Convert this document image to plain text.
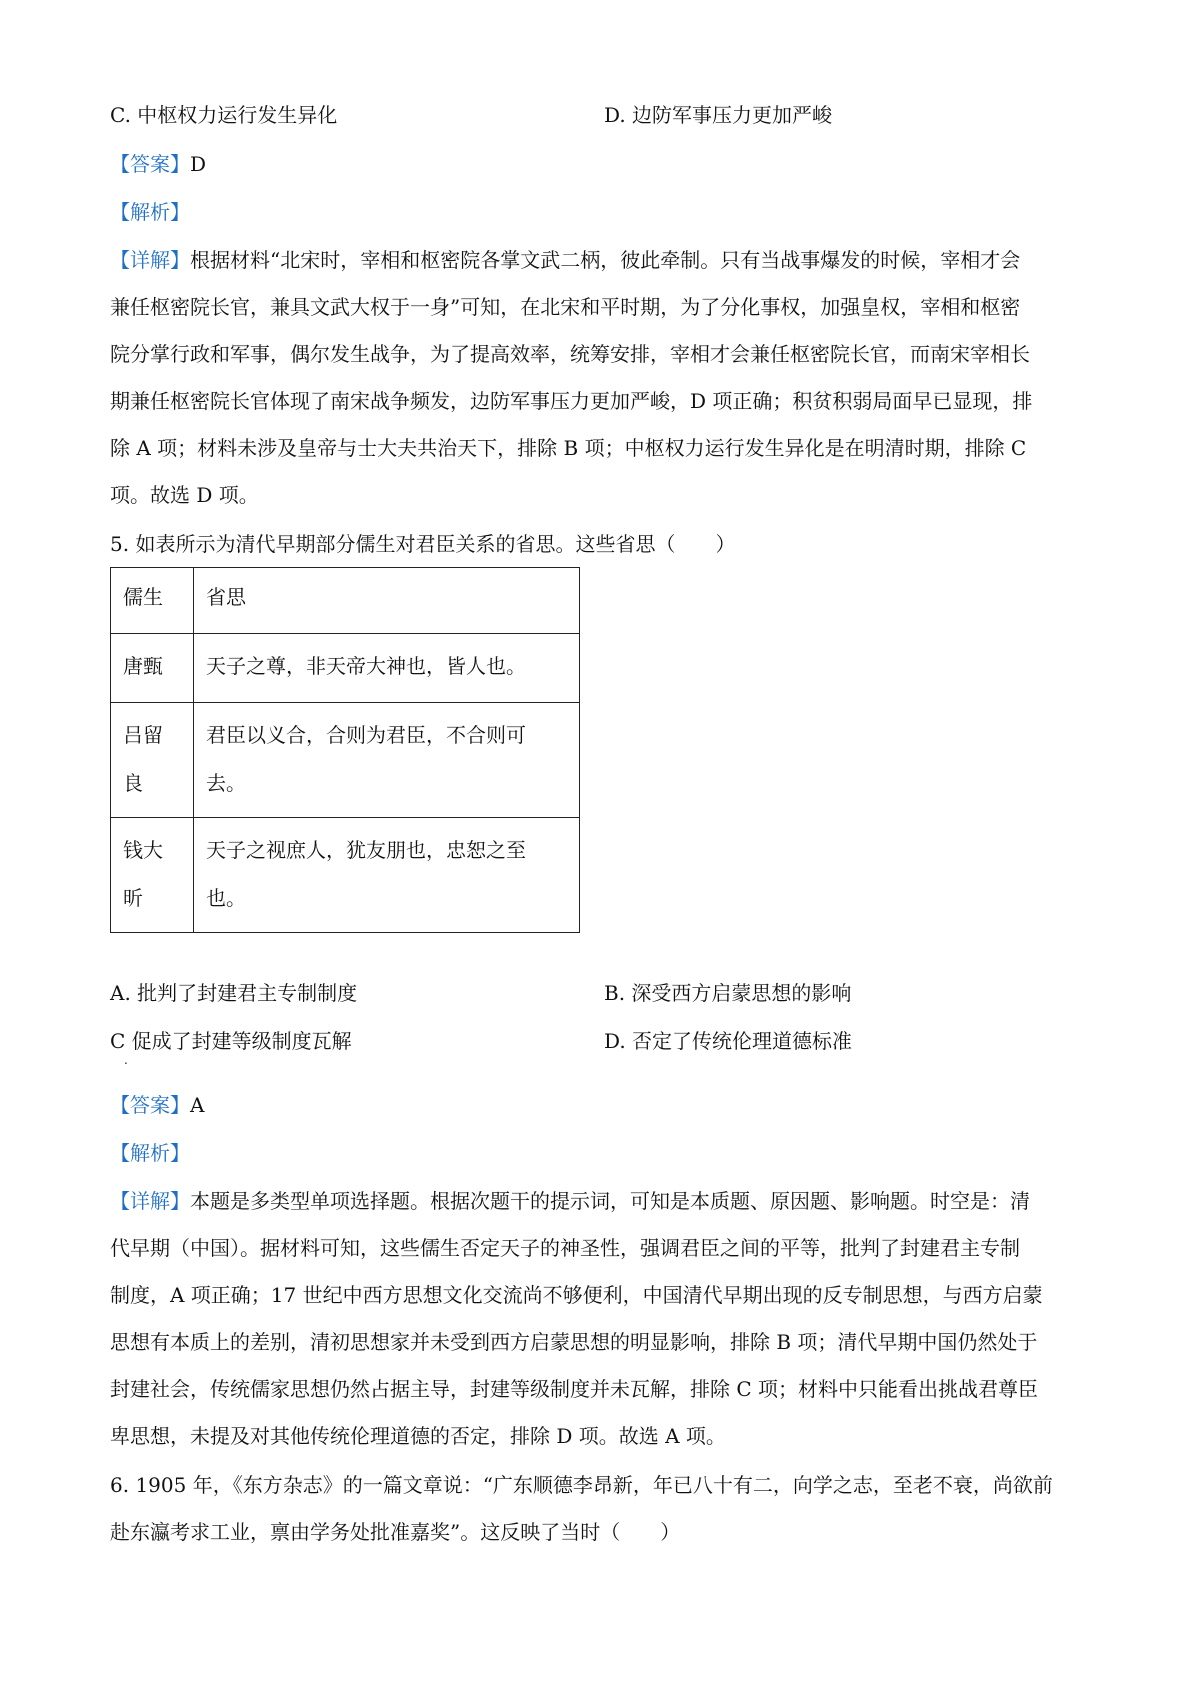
C. 中枢权力运行发生异化	D. 边防军事压力更加严峻
【答案】D
【解析】
【详解】根据材料“北宋时，宰相和枢密院各掌文武二柄，彼此牵制。只有当战事爆发的时候，宰相才会
兼任枢密院长官，兼具文武大权于一身”可知，在北宋和平时期，为了分化事权，加强皇权，宰相和枢密
院分掌行政和军事，偶尔发生战争，为了提高效率，统筹安排，宰相才会兼任枢密院长官，而南宋宰相长
期兼任枢密院长官体现了南宋战争频发，边防军事压力更加严峻，D 项正确；积贫积弱局面早已显现，排
除 A 项；材料未涉及皇帝与士大夫共治天下，排除 B 项；中枢权力运行发生异化是在明清时期，排除 C
项。故选 D 项。
5. 如表所示为清代早期部分儒生对君臣关系的省思。这些省思（　　）
儒生	省思
唐甄	天子之尊，非天帝大神也，皆人也。
吕留
良	君臣以义合，合则为君臣，不合则可
去。
钱大
昕	天子之视庶人，犹友朋也，忠恕之至
也。
A. 批判了封建君主专制制度	B. 深受西方启蒙思想的影响
C 促成了封建等级制度瓦解
.
D. 否定了传统伦理道德标准
【答案】A
【解析】
【详解】本题是多类型单项选择题。根据次题干的提示词，可知是本质题、原因题、影响题。时空是：清
代早期（中国）。据材料可知，这些儒生否定天子的神圣性，强调君臣之间的平等，批判了封建君主专制
制度，A 项正确；17 世纪中西方思想文化交流尚不够便利，中国清代早期出现的反专制思想，与西方启蒙
思想有本质上的差别，清初思想家并未受到西方启蒙思想的明显影响，排除 B 项；清代早期中国仍然处于
封建社会，传统儒家思想仍然占据主导，封建等级制度并未瓦解，排除 C 项；材料中只能看出挑战君尊臣
卑思想，未提及对其他传统伦理道德的否定，排除 D 项。故选 A 项。
6. 1905 年，《东方杂志》的一篇文章说：“广东顺德李昂新，年已八十有二，向学之志，至老不衰，尚欲前
赴东瀛考求工业，禀由学务处批准嘉奖”。这反映了当时（　　）
